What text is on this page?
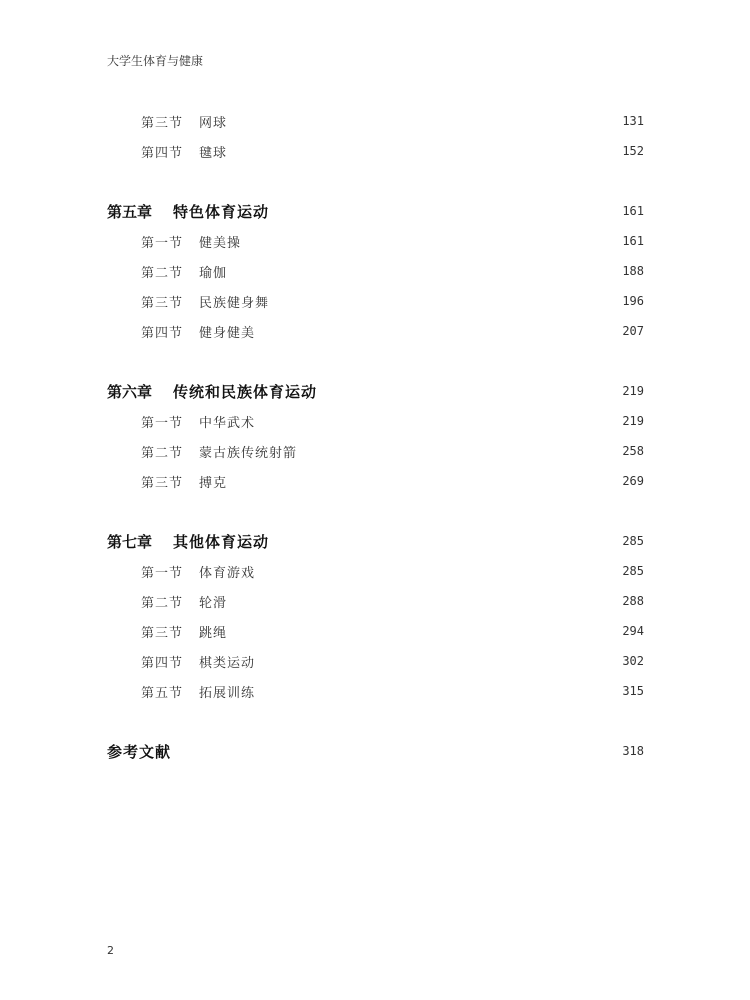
大学生体育与健康
第三节	网球	131
第四节	毽球	152
第五章	特色体育运动	161
第一节	健美操	161
第二节	瑜伽	188
第三节	民族健身舞	196
第四节	健身健美	207
第六章	传统和民族体育运动	219
第一节	中华武术	219
第二节	蒙古族传统射箭	258
第三节	搏克	269
第七章	其他体育运动	285
第一节	体育游戏	285
第二节	轮滑	288
第三节	跳绳	294
第四节	棋类运动	302
第五节	拓展训练	315
参考文献	318
2
